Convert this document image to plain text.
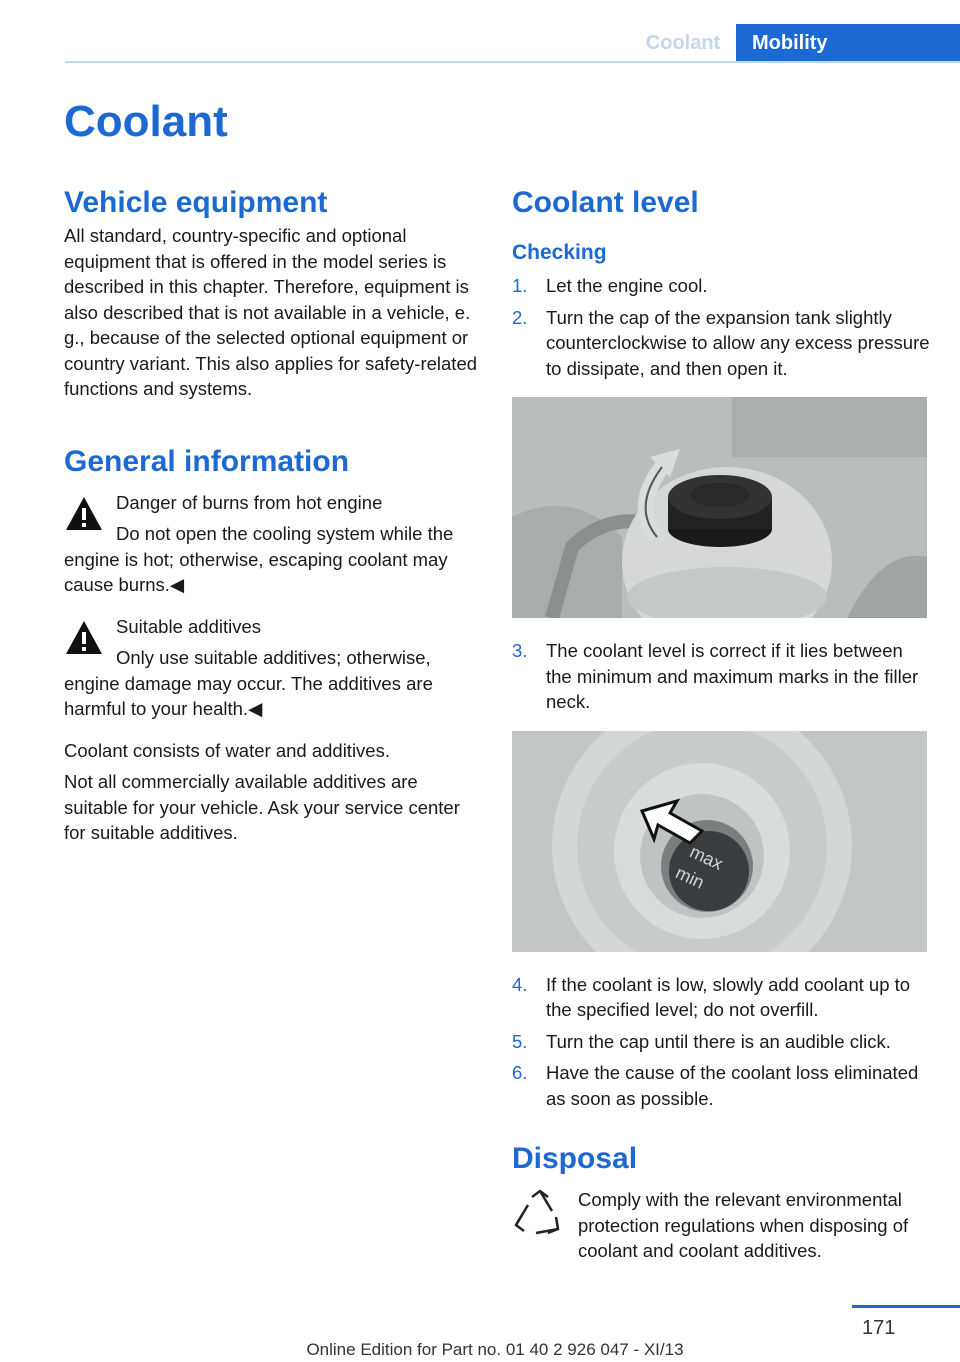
Coolant	Mobility
Coolant
Vehicle equipment

All standard, country-specific and optional equipment that is offered in the model series is described in this chapter. Therefore, equipment is also described that is not available in a vehicle, e. g., because of the selected optional equipment or country variant. This also applies for safety-related functions and systems.

General information

Danger of burns from hot engine

Do not open the cooling system while the engine is hot; otherwise, escaping coolant may cause burns.◀

Suitable additives

Only use suitable additives; otherwise, engine damage may occur. The additives are harmful to your health.◀

Coolant consists of water and additives.

Not all commercially available additives are suitable for your vehicle. Ask your service center for suitable additives.

Coolant level
Checking
1. Let the engine cool.
2. Turn the cap of the expansion tank slightly counterclockwise to allow any excess pressure to dissipate, and then open it.
3. The coolant level is correct if it lies between the minimum and maximum marks in the filler neck.
max
min
4. If the coolant is low, slowly add coolant up to the specified level; do not overfill.
5. Turn the cap until there is an audible click.
6. Have the cause of the coolant loss eliminated as soon as possible.
Disposal

Comply with the relevant environmental protection regulations when disposing of coolant and coolant additives.

171
Online Edition for Part no. 01 40 2 926 047 - XI/13
